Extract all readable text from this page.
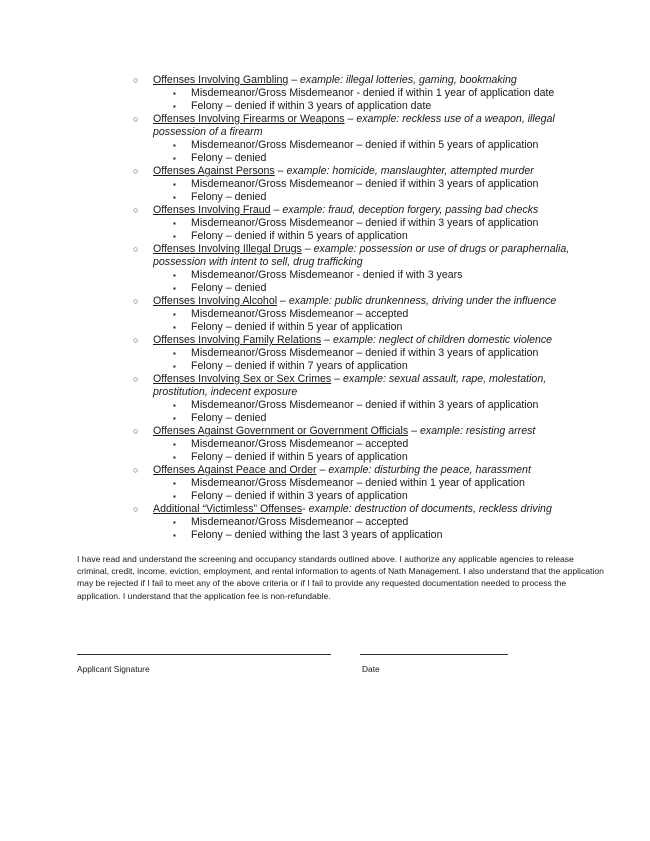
○ Offenses Involving Gambling – example: illegal lotteries, gaming, bookmaking
▪ Misdemeanor/Gross Misdemeanor - denied if within 1 year of application date
▪ Felony – denied if within 3 years of application date
○ Offenses Involving Firearms or Weapons – example: reckless use of a weapon, illegal possession of a firearm
▪ Misdemeanor/Gross Misdemeanor – denied if within 5 years of application
▪ Felony – denied
○ Offenses Against Persons – example: homicide, manslaughter, attempted murder
▪ Misdemeanor/Gross Misdemeanor – denied if within 3 years of application
▪ Felony – denied
○ Offenses Involving Fraud – example: fraud, deception forgery, passing bad checks
▪ Misdemeanor/Gross Misdemeanor – denied if within 3 years of application
▪ Felony – denied if within 5 years of application
○ Offenses Involving Illegal Drugs – example: possession or use of drugs or paraphernalia, possession with intent to sell, drug trafficking
▪ Misdemeanor/Gross Misdemeanor - denied if with 3 years
▪ Felony – denied
○ Offenses Involving Alcohol – example: public drunkenness, driving under the influence
▪ Misdemeanor/Gross Misdemeanor – accepted
▪ Felony – denied if within 5 year of application
○ Offenses Involving Family Relations – example: neglect of children domestic violence
▪ Misdemeanor/Gross Misdemeanor – denied if within 3 years of application
▪ Felony – denied if within 7 years of application
○ Offenses Involving Sex or Sex Crimes – example: sexual assault, rape, molestation, prostitution, indecent exposure
▪ Misdemeanor/Gross Misdemeanor – denied if within 3 years of application
▪ Felony – denied
○ Offenses Against Government or Government Officials – example: resisting arrest
▪ Misdemeanor/Gross Misdemeanor – accepted
▪ Felony – denied if within 5 years of application
○ Offenses Against Peace and Order – example: disturbing the peace, harassment
▪ Misdemeanor/Gross Misdemeanor – denied within 1 year of application
▪ Felony – denied if within 3 years of application
○ Additional “Victimless” Offenses- example: destruction of documents, reckless driving
▪ Misdemeanor/Gross Misdemeanor – accepted
▪ Felony – denied withing the last 3 years of application
I have read and understand the screening and occupancy standards outlined above. I authorize any applicable agencies to release criminal, credit, income, eviction, employment, and rental information to agents of Nath Management. I also understand that the application may be rejected if I fail to meet any of the above criteria or if I fail to provide any requested documentation needed to process the application. I understand that the application fee is non-refundable.
Applicant Signature	Date
